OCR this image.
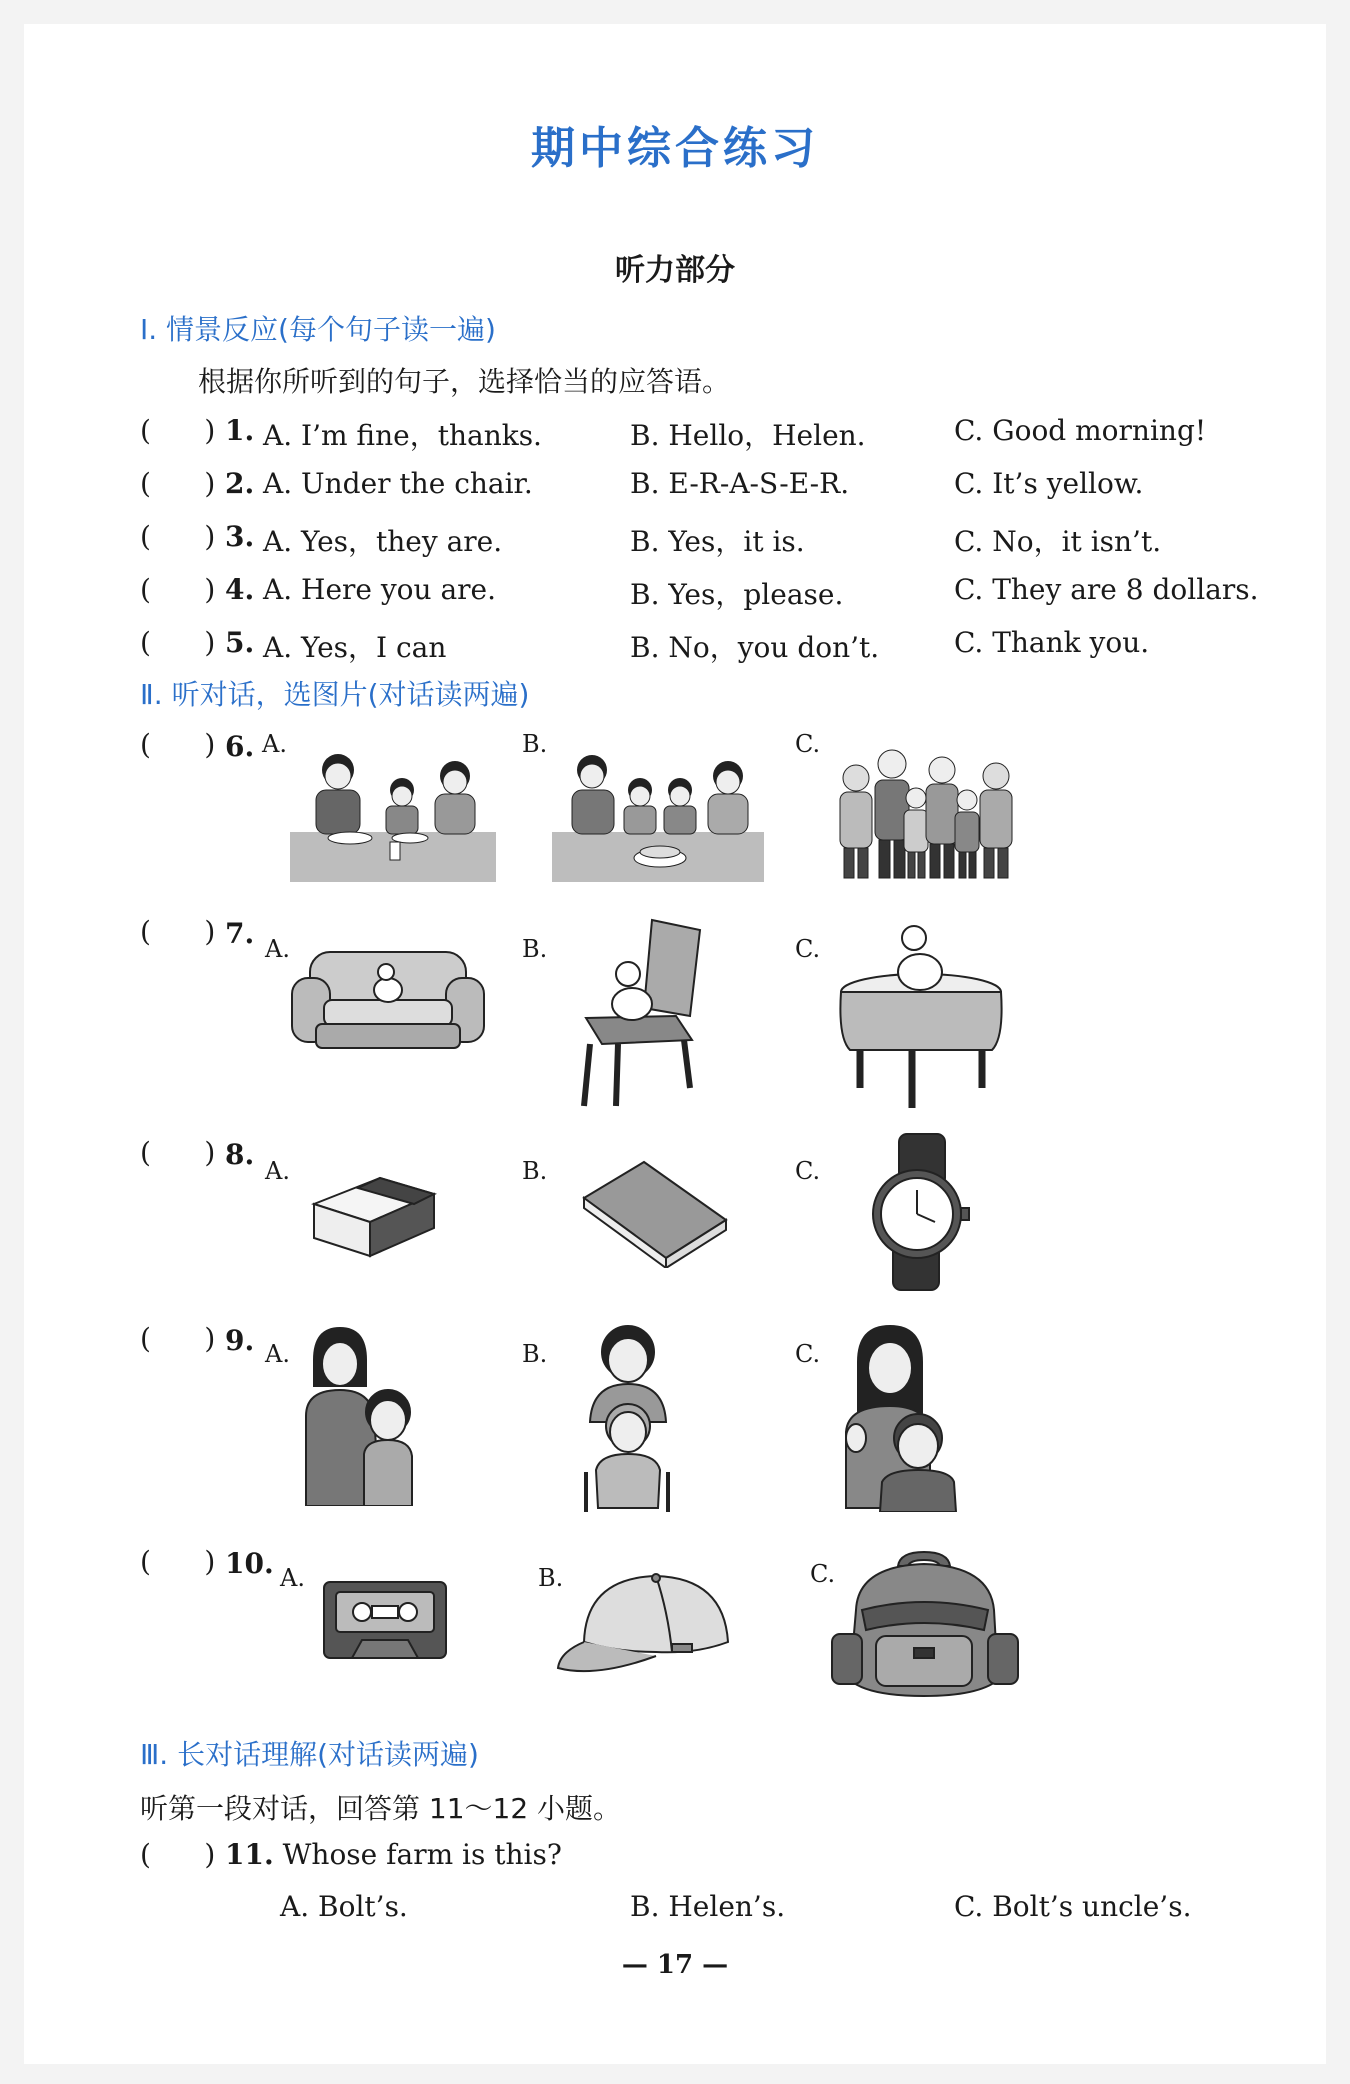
期中综合练习
听力部分
Ⅰ. 情景反应(每个句子读一遍)
根据你所听到的句子，选择恰当的应答语。
(      ) 1. A. I’m fine，thanks.	B. Hello，Helen.	C. Good morning!
(      ) 2. A. Under the chair.	B. E-R-A-S-E-R.	C. It’s yellow.
(      ) 3. A. Yes，they are.	B. Yes，it is.	C. No，it isn’t.
(      ) 4. A. Here you are.	B. Yes，please.	C. They are 8 dollars.
(      ) 5. A. Yes，I can	B. No，you don’t.	C. Thank you.
Ⅱ. 听对话，选图片(对话读两遍)
(      ) 6. A.	B.	C.
(      ) 7. A.	B.	C.
(      ) 8. A.	B.	C.
(      ) 9. A.	B.	C.
(      ) 10. A.	B.	C.
Ⅲ. 长对话理解(对话读两遍)
听第一段对话，回答第 11～12 小题。
(      ) 11. Whose farm is this?
A. Bolt’s.	B. Helen’s.	C. Bolt’s uncle’s.
— 17 —
